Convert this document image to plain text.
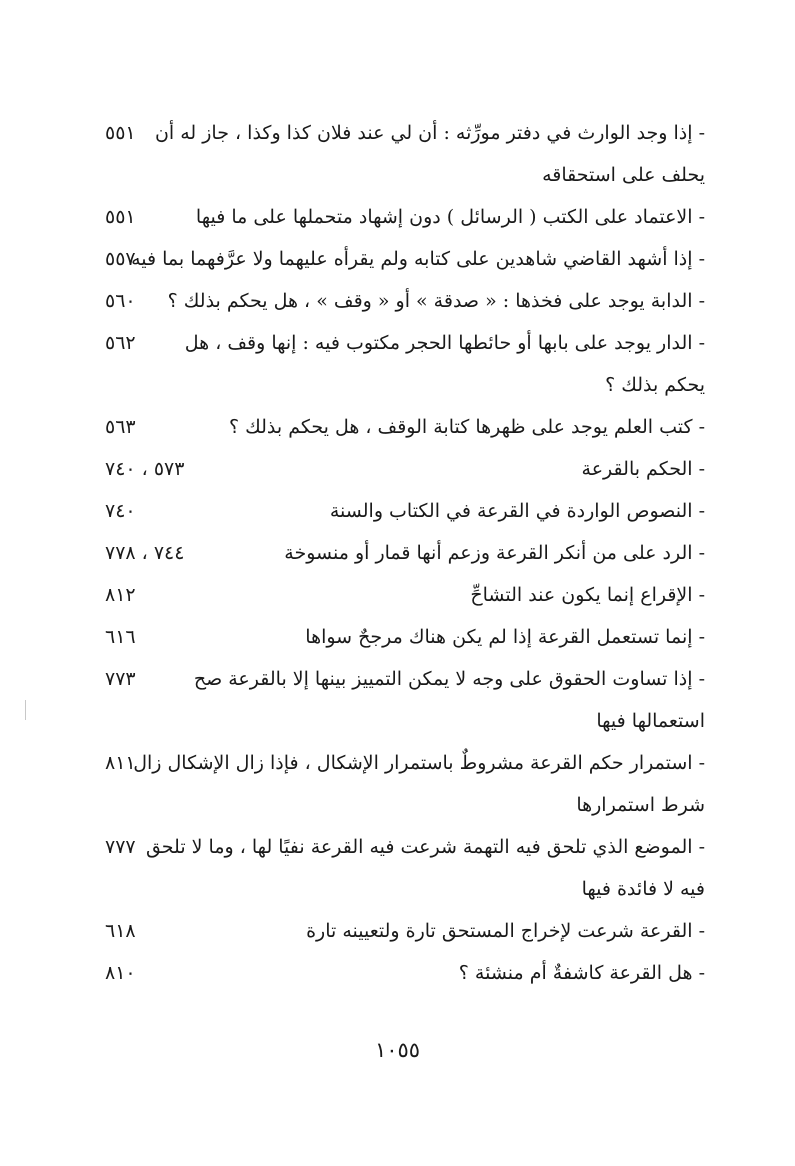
- إذا وجد الوارث في دفتر مورِّثه : أن لي عند فلان كذا وكذا ، جاز له أن
يحلف على استحقاقه
٥٥١
- الاعتماد على الكتب ( الرسائل ) دون إشهاد متحملها على ما فيها
٥٥١
- إذا أشهد القاضي شاهدين على كتابه ولم يقرأه عليهما ولا عرَّفهما بما فيه
٥٥٧
- الدابة يوجد على فخذها : « صدقة » أو « وقف » ، هل يحكم بذلك ؟
٥٦٠
- الدار يوجد على بابها أو حائطها الحجر مكتوب فيه : إنها وقف ، هل
يحكم بذلك ؟
٥٦٢
- كتب العلم يوجد على ظهرها كتابة الوقف ، هل يحكم بذلك ؟
٥٦٣
- الحكم بالقرعة
٥٧٣ ، ٧٤٠
- النصوص الواردة في القرعة في الكتاب والسنة
٧٤٠
- الرد على من أنكر القرعة وزعم أنها قمار أو منسوخة
٧٤٤ ، ٧٧٨
- الإقراع إنما يكون عند التشاحِّ
٨١٢
- إنما تستعمل القرعة إذا لم يكن هناك مرجحٌ سواها
٦١٦
- إذا تساوت الحقوق على وجه لا يمكن التمييز بينها إلا بالقرعة صح
استعمالها فيها
٧٧٣
- استمرار حكم القرعة مشروطٌ باستمرار الإشكال ، فإذا زال الإشكال زال
شرط استمرارها
٨١١
- الموضع الذي تلحق فيه التهمة شرعت فيه القرعة نفيًا لها ، وما لا تلحق
فيه لا فائدة فيها
٧٧٧
- القرعة شرعت لإخراج المستحق تارة ولتعيينه تارة
٦١٨
- هل القرعة كاشفةٌ أم منشئة ؟
٨١٠
١٠٥٥
